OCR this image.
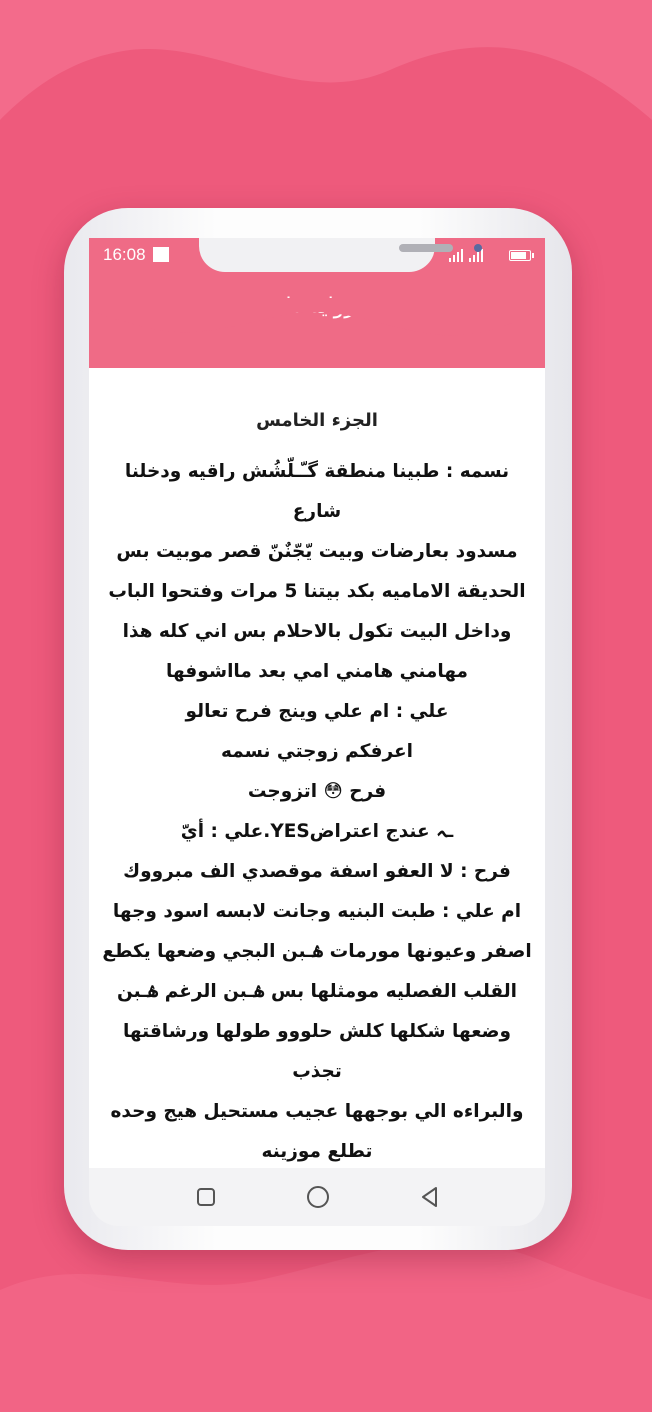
16:08
الجزء الخامس
نسمه : طبينا منطقة گـّـلّشُش راقيه ودخلنا شارع
مسدود بعارضات وبيت يّجّنٌنّ قصر موبيت بس
الحديقة الاماميه بكد بيتنا 5 مرات وفتحوا الباب
وداخل البيت تكول بالاحلام بس اني كله هذا
مهامني هامني امي بعد مااشوفها
علي : ام علي وينج فرح تعالو
اعرفكم زوجتي نسمه
فرح 😳 اتزوجت
ـہ عندج اعتراضYES.علي : أيّ
فرح : لا العفو اسفة موقصدي الف مبرووك
ام علي : طبت البنيه وجانت لابسه اسود وجها
اصفر وعيونها مورمات ۿـبن البجي وضعها يكطع
القلب الفصليه مومثلها بس ۿـبن الرغم ۿـبن
وضعها شكلها كلش حلووو طولها ورشاقتها تجذب
والبراءه الي بوجهها عجيب مستحيل هيج وحده
تطلع موزينه
